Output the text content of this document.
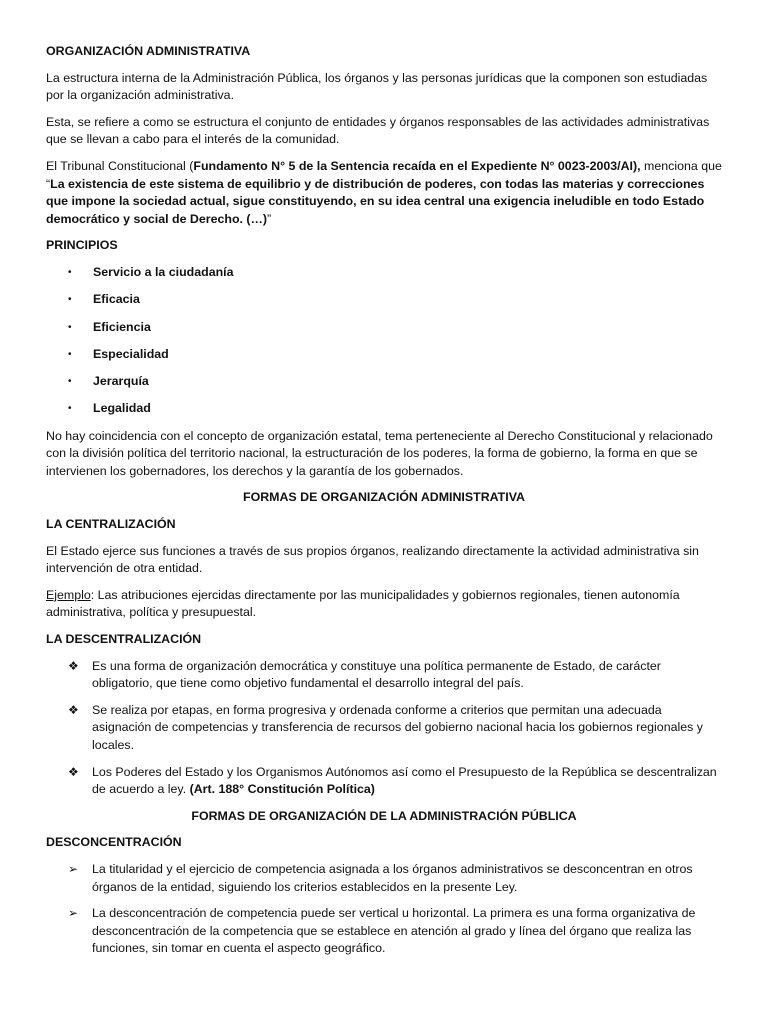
ORGANIZACIÓN ADMINISTRATIVA

La estructura interna de la Administración Pública, los órganos y las personas jurídicas que la componen son estudiadas por la organización administrativa.

Esta, se refiere a como se estructura el conjunto de entidades y órganos responsables de las actividades administrativas que se llevan a cabo para el interés de la comunidad.

El Tribunal Constitucional (Fundamento N° 5 de la Sentencia recaída en el Expediente N° 0023-2003/AI), menciona que “La existencia de este sistema de equilibrio y de distribución de poderes, con todas las materias y correcciones que impone la sociedad actual, sigue constituyendo, en su idea central una exigencia ineludible en todo Estado democrático y social de Derecho. (…)”

PRINCIPIOS
• Servicio a la ciudadanía
• Eficacia
• Eficiencia
• Especialidad
• Jerarquía
• Legalidad

No hay coincidencia con el concepto de organización estatal, tema perteneciente al Derecho Constitucional y relacionado con la división política del territorio nacional, la estructuración de los poderes, la forma de gobierno, la forma en que se intervienen los gobernadores, los derechos y la garantía de los gobernados.

FORMAS DE ORGANIZACIÓN ADMINISTRATIVA
LA CENTRALIZACIÓN

El Estado ejerce sus funciones a través de sus propios órganos, realizando directamente la actividad administrativa sin intervención de otra entidad.

Ejemplo: Las atribuciones ejercidas directamente por las municipalidades y gobiernos regionales, tienen autonomía administrativa, política y presupuestal.

LA DESCENTRALIZACIÓN
❖ Es una forma de organización democrática y constituye una política permanente de Estado, de carácter obligatorio, que tiene como objetivo fundamental el desarrollo integral del país.
❖ Se realiza por etapas, en forma progresiva y ordenada conforme a criterios que permitan una adecuada asignación de competencias y transferencia de recursos del gobierno nacional hacia los gobiernos regionales y locales.
❖ Los Poderes del Estado y los Organismos Autónomos así como el Presupuesto de la República se descentralizan de acuerdo a ley. (Art. 188° Constitución Política)
FORMAS DE ORGANIZACIÓN DE LA ADMINISTRACIÓN PÚBLICA
DESCONCENTRACIÓN
➢ La titularidad y el ejercicio de competencia asignada a los órganos administrativos se desconcentran en otros órganos de la entidad, siguiendo los criterios establecidos en la presente Ley.
➢ La desconcentración de competencia puede ser vertical u horizontal. La primera es una forma organizativa de desconcentración de la competencia que se establece en atención al grado y línea del órgano que realiza las funciones, sin tomar en cuenta el aspecto geográfico.
